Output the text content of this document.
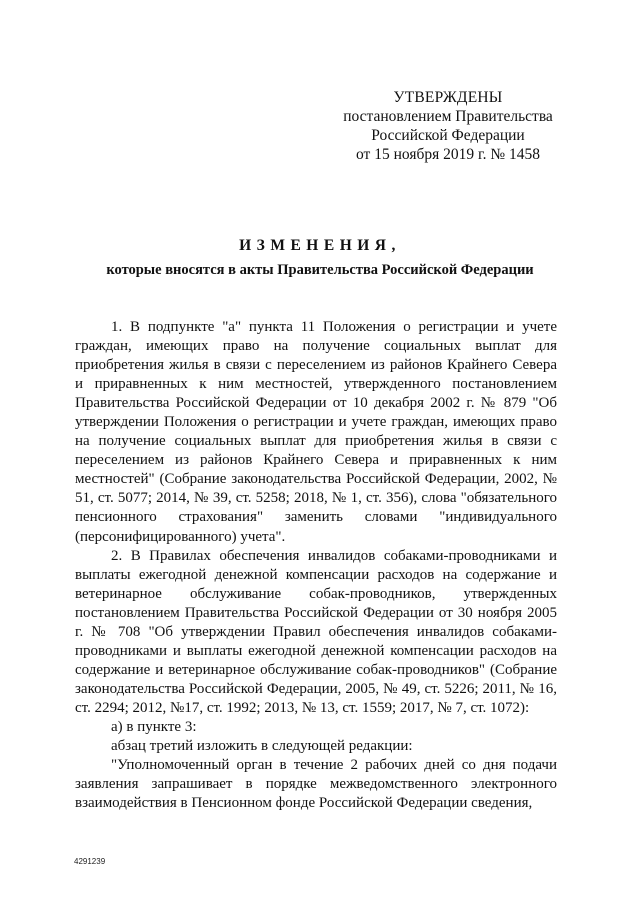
УТВЕРЖДЕНЫ
постановлением Правительства
Российской Федерации
от 15 ноября 2019 г. № 1458
ИЗМЕНЕНИЯ,
которые вносятся в акты Правительства Российской Федерации

1. В подпункте "а" пункта 11 Положения о регистрации и учете граждан, имеющих право на получение социальных выплат для приобретения жилья в связи с переселением из районов Крайнего Севера и приравненных к ним местностей, утвержденного постановлением Правительства Российской Федерации от 10 декабря 2002 г. № 879 "Об утверждении Положения о регистрации и учете граждан, имеющих право на получение социальных выплат для приобретения жилья в связи с переселением из районов Крайнего Севера и приравненных к ним местностей" (Собрание законодательства Российской Федерации, 2002, № 51, ст. 5077; 2014, № 39, ст. 5258; 2018, № 1, ст. 356), слова "обязательного пенсионного страхования" заменить словами "индивидуального (персонифицированного) учета".

2. В Правилах обеспечения инвалидов собаками-проводниками и выплаты ежегодной денежной компенсации расходов на содержание и ветеринарное обслуживание собак-проводников, утвержденных постановлением Правительства Российской Федерации от 30 ноября 2005 г. № 708 "Об утверждении Правил обеспечения инвалидов собаками-проводниками и выплаты ежегодной денежной компенсации расходов на содержание и ветеринарное обслуживание собак-проводников" (Собрание законодательства Российской Федерации, 2005, № 49, ст. 5226; 2011, № 16, ст. 2294; 2012, №17, ст. 1992; 2013, № 13, ст. 1559; 2017, № 7, ст. 1072):

а) в пункте 3:

абзац третий изложить в следующей редакции:

"Уполномоченный орган в течение 2 рабочих дней со дня подачи заявления запрашивает в порядке межведомственного электронного взаимодействия в Пенсионном фонде Российской Федерации сведения,

4291239
